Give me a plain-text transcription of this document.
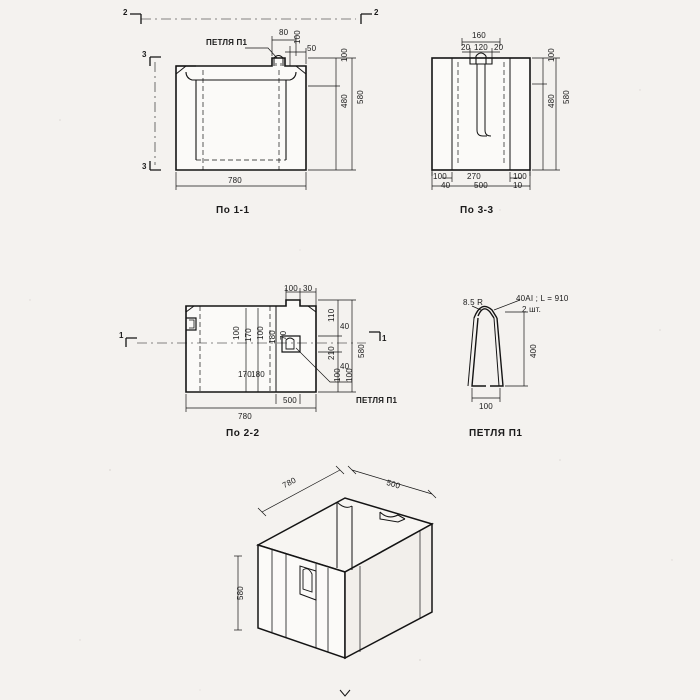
ПЕТЛЯ П1
80 100
50	100
480 580
780
2	2
3
3
По 1-1
160
20 120 20
100
480 580
100	270	100
40	500	10
По 3-3
100 30
100 170 100 180 70
110
40
210
40
580
170 180	100 100
780
500	ПЕТЛЯ П1
1	1
По 2-2
40АI ; L = 910
2 шт.
8.5 R
400
100
ПЕТЛЯ П1
780	500
580
